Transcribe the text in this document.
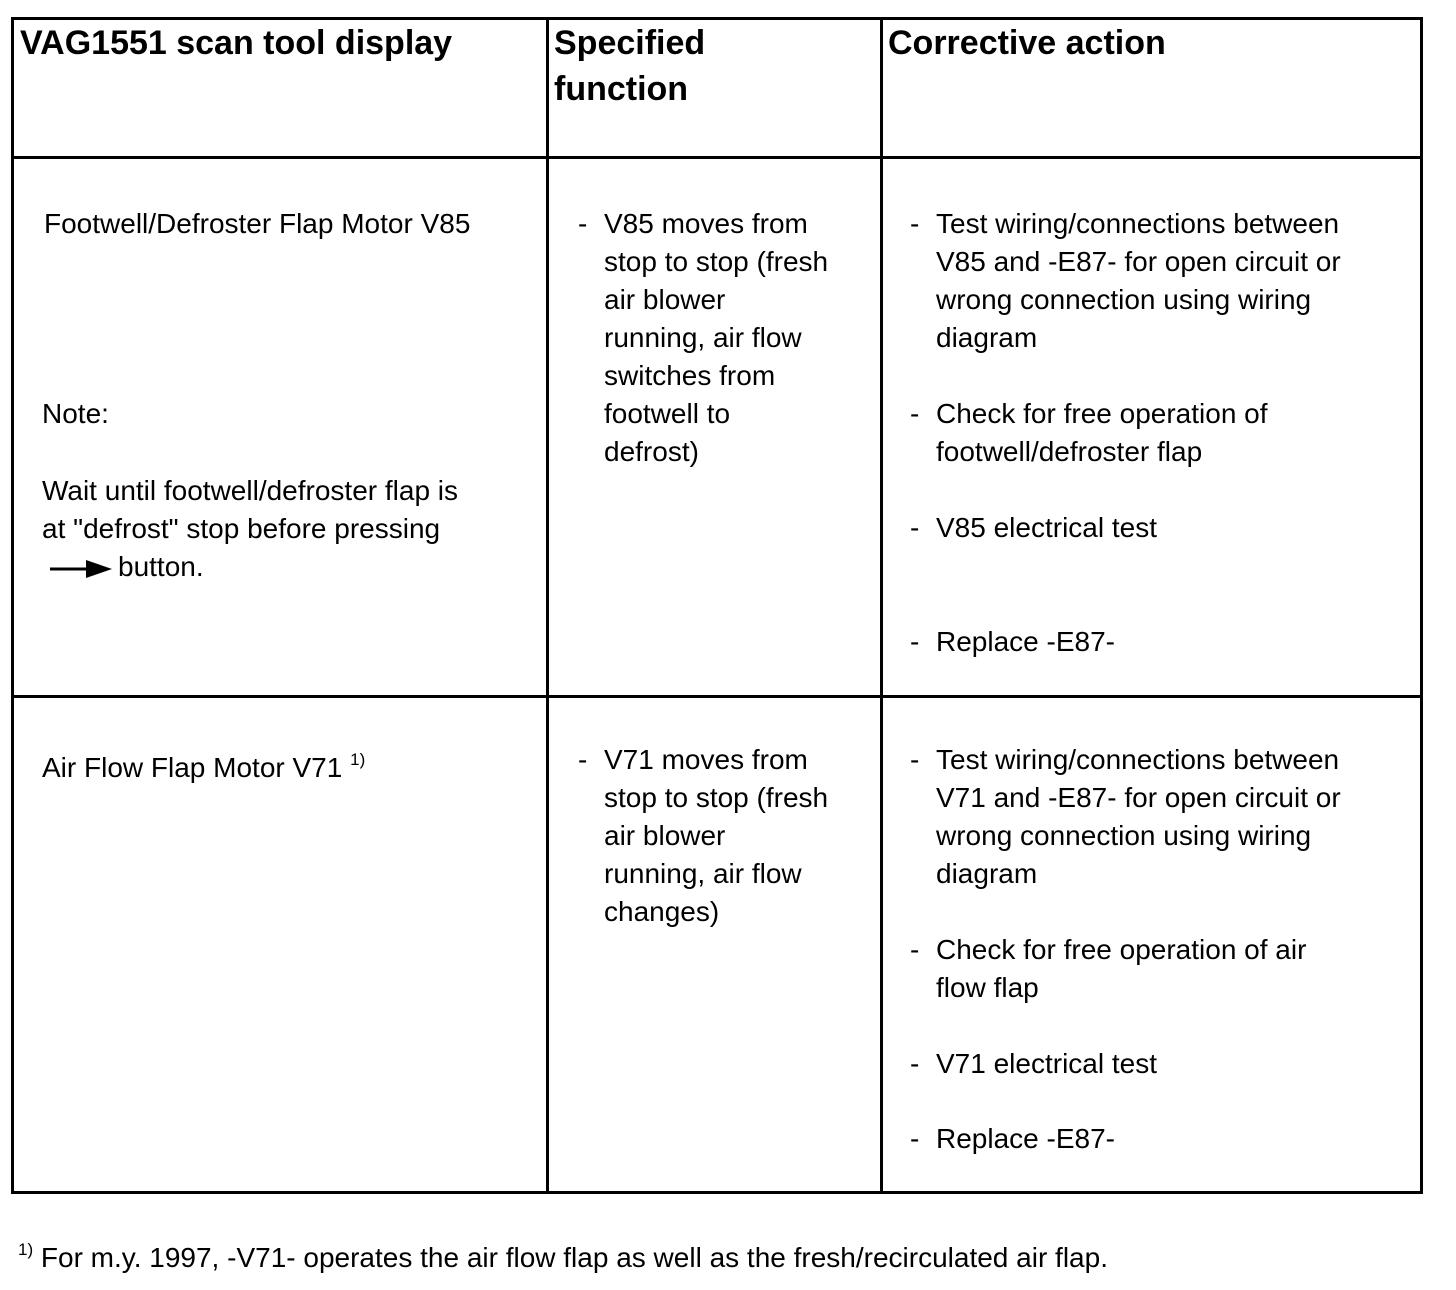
VAG1551 scan tool display	Specified
function
Corrective action
Footwell/Defroster Flap Motor V85
Note:
Wait until footwell/defroster flap is
at "defrost" stop before pressing
button.
- V85 moves from
stop to stop (fresh
air blower
running, air flow
switches from
footwell to
defrost)
- Test wiring/connections between
V85 and -E87- for open circuit or
wrong connection using wiring
diagram
- Check for free operation of
footwell/defroster flap
- V85 electrical test
- Replace -E87-
Air Flow Flap Motor V71 $^{1)}$	- V71 moves from
stop to stop (fresh
air blower
running, air flow
changes)
- Test wiring/connections between
V71 and -E87- for open circuit or
wrong connection using wiring
diagram
- Check for free operation of air
flow flap
- V71 electrical test
- Replace -E87-
$^{1)}$ For m.y. 1997, -V71- operates the air flow flap as well as the fresh/recirculated air flap.
